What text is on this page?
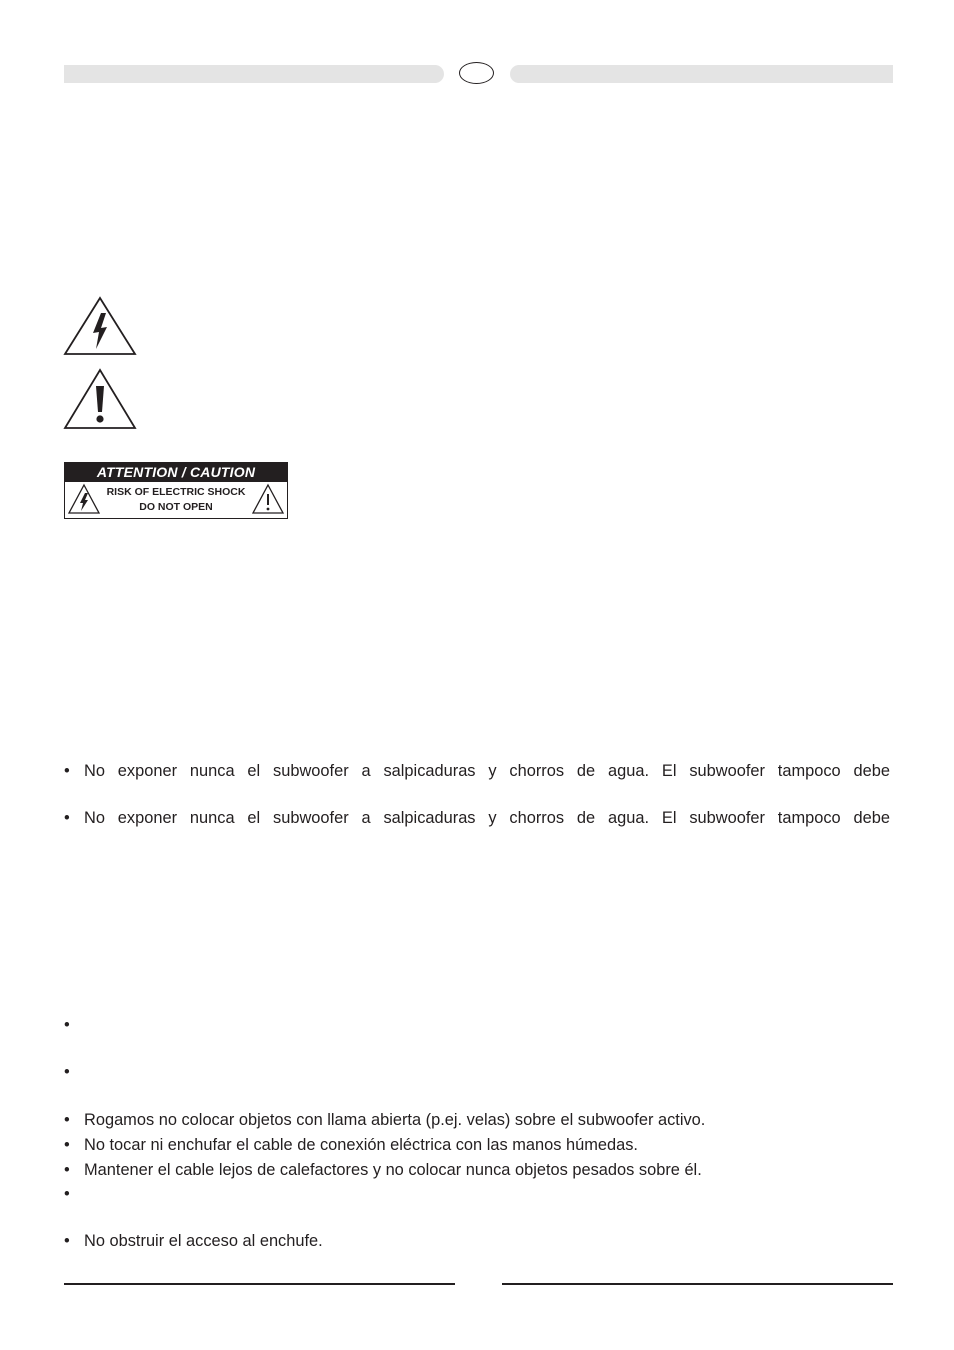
ATTENTION / CAUTION
RISK OF ELECTRIC SHOCK
DO NOT OPEN
• No exponer nunca el subwoofer a salpicaduras y chorros de agua. El subwoofer tampoco debe
• No exponer nunca el subwoofer a salpicaduras y chorros de agua. El subwoofer tampoco debe
•
•
• Rogamos no colocar objetos con llama abierta (p.ej. velas) sobre el subwoofer activo.
• No tocar ni enchufar el cable de conexión eléctrica con las manos húmedas.
• Mantener el cable lejos de calefactores y no colocar nunca objetos pesados sobre él.
•
• No obstruir el acceso al enchufe.
